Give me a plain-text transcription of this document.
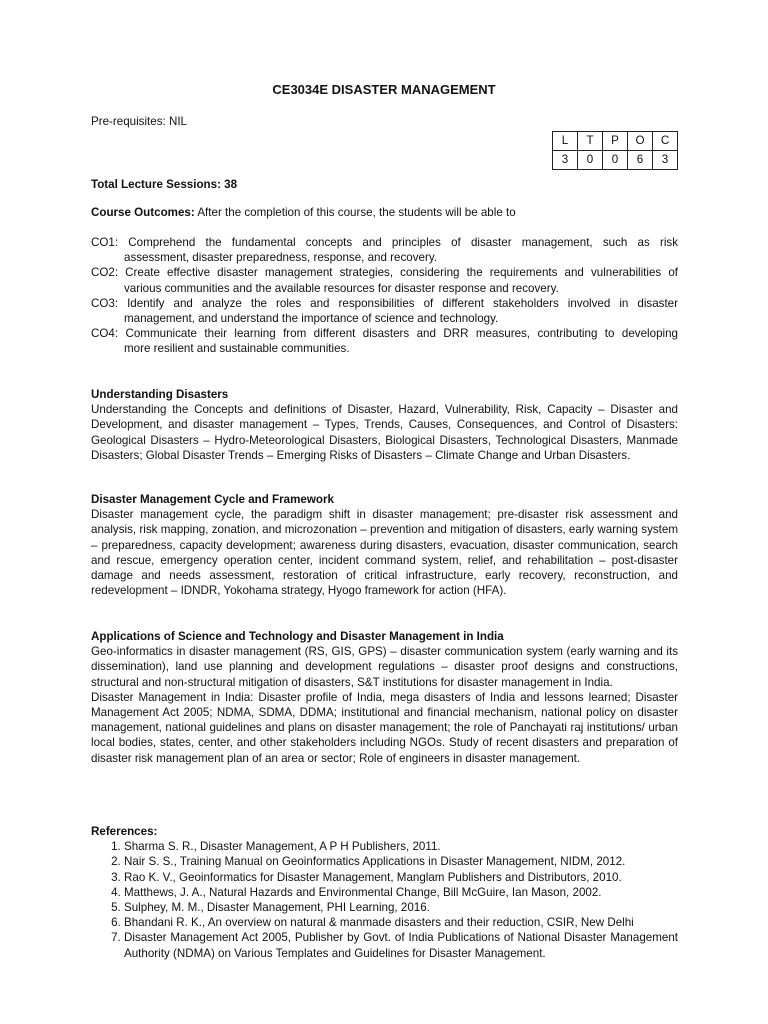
CE3034E DISASTER MANAGEMENT
Pre-requisites: NIL
L	T	P	O	C
3	0	0	6	3
Total Lecture Sessions: 38
Course Outcomes: After the completion of this course, the students will be able to

CO1: Comprehend the fundamental concepts and principles of disaster management, such as risk
assessment, disaster preparedness, response, and recovery.

CO2: Create effective disaster management strategies, considering the requirements and vulnerabilities of
various communities and the available resources for disaster response and recovery.

CO3: Identify and analyze the roles and responsibilities of different stakeholders involved in disaster
management, and understand the importance of science and technology.

CO4: Communicate their learning from different disasters and DRR measures, contributing to developing
more resilient and sustainable communities.

Understanding Disasters

Understanding the Concepts and definitions of Disaster, Hazard, Vulnerability, Risk, Capacity – Disaster and Development, and disaster management – Types, Trends, Causes, Consequences, and Control of Disasters: Geological Disasters – Hydro-Meteorological Disasters, Biological Disasters, Technological Disasters, Manmade Disasters; Global Disaster Trends – Emerging Risks of Disasters – Climate Change and Urban Disasters.

Disaster Management Cycle and Framework

Disaster management cycle, the paradigm shift in disaster management; pre-disaster risk assessment and analysis, risk mapping, zonation, and microzonation – prevention and mitigation of disasters, early warning system – preparedness, capacity development; awareness during disasters, evacuation, disaster communication, search and rescue, emergency operation center, incident command system, relief, and rehabilitation – post-disaster damage and needs assessment, restoration of critical infrastructure, early recovery, reconstruction, and redevelopment – IDNDR, Yokohama strategy, Hyogo framework for action (HFA).

Applications of Science and Technology and Disaster Management in India

Geo-informatics in disaster management (RS, GIS, GPS) – disaster communication system (early warning and its dissemination), land use planning and development regulations – disaster proof designs and constructions, structural and non-structural mitigation of disasters, S&T institutions for disaster management in India.

Disaster Management in India: Disaster profile of India, mega disasters of India and lessons learned; Disaster Management Act 2005; NDMA, SDMA, DDMA; institutional and financial mechanism, national policy on disaster management, national guidelines and plans on disaster management; the role of Panchayati raj institutions/ urban local bodies, states, center, and other stakeholders including NGOs. Study of recent disasters and preparation of disaster risk management plan of an area or sector; Role of engineers in disaster management.

References:
1. Sharma S. R., Disaster Management, A P H Publishers, 2011.
2. Nair S. S., Training Manual on Geoinformatics Applications in Disaster Management, NIDM, 2012.
3. Rao K. V., Geoinformatics for Disaster Management, Manglam Publishers and Distributors, 2010.
4. Matthews, J. A., Natural Hazards and Environmental Change, Bill McGuire, Ian Mason, 2002.
5. Sulphey, M. M., Disaster Management, PHI Learning, 2016.
6. Bhandani R. K., An overview on natural & manmade disasters and their reduction, CSIR, New Delhi
7. Disaster Management Act 2005, Publisher by Govt. of India Publications of National Disaster Management Authority (NDMA) on Various Templates and Guidelines for Disaster Management.
